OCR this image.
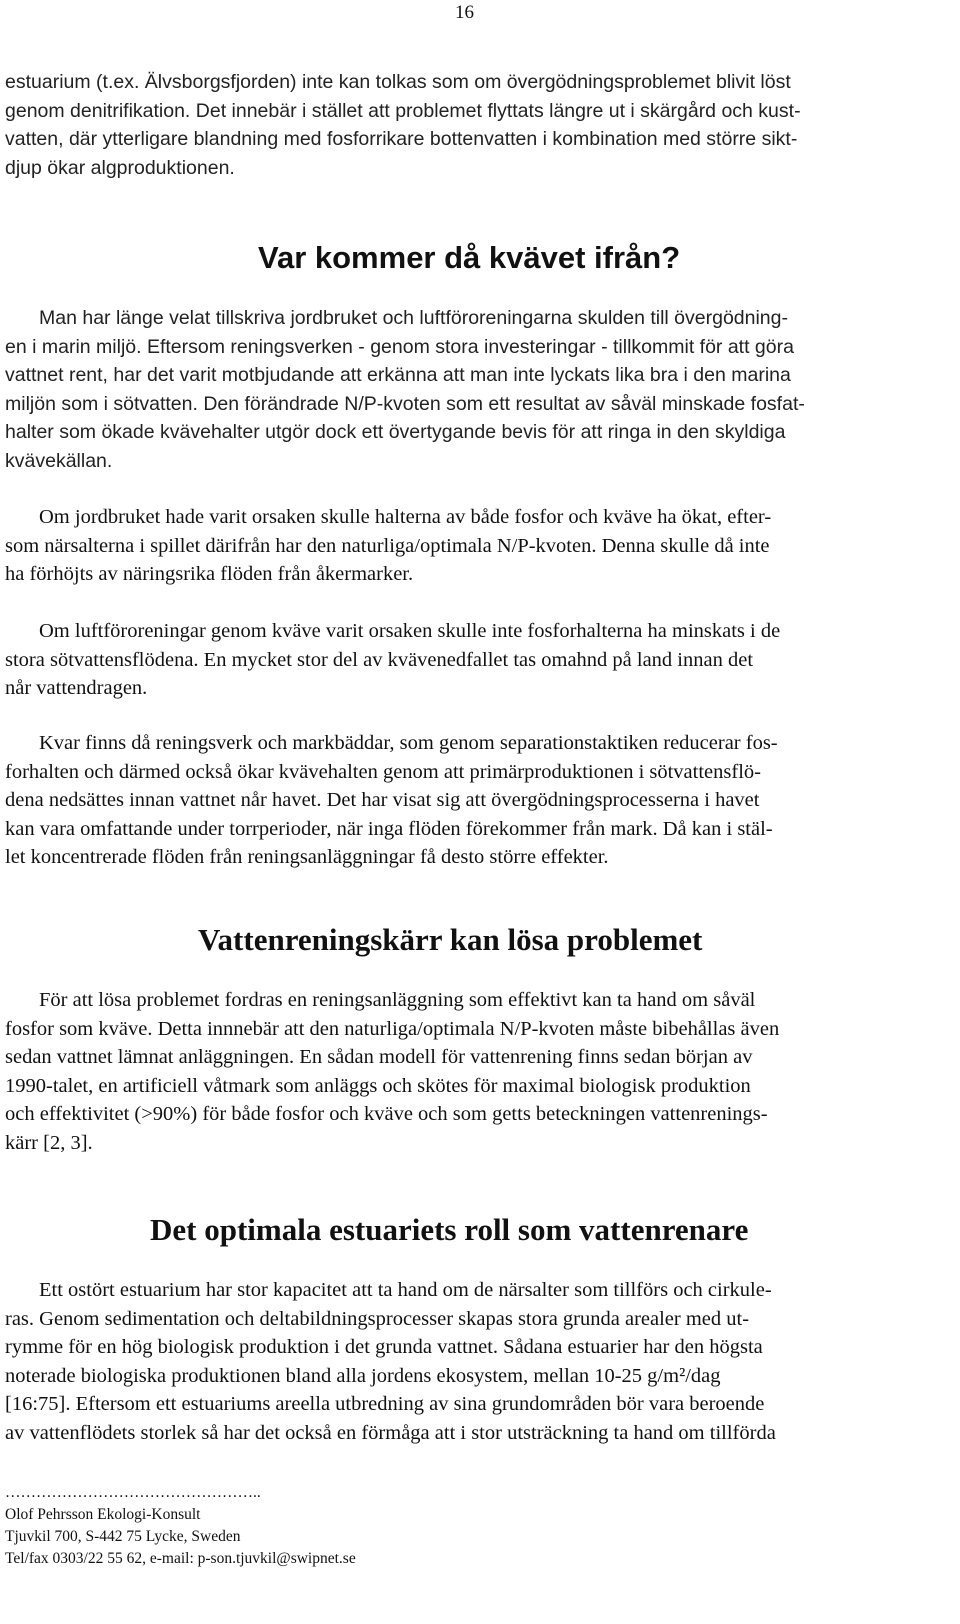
16

estuarium (t.ex. Älvsborgsfjorden) inte kan tolkas som om övergödningsproblemet blivit löst
genom denitrifikation. Det innebär i stället att problemet flyttats längre ut i skärgård och kust-
vatten, där ytterligare blandning med fosforrikare bottenvatten i kombination med större sikt-
djup ökar algproduktionen.

Var kommer då kvävet ifrån?

Man har länge velat tillskriva jordbruket och luftföroreningarna skulden till övergödning-
en i marin miljö. Eftersom reningsverken - genom stora investeringar - tillkommit för att göra
vattnet rent, har det varit motbjudande att erkänna att man inte lyckats lika bra i den marina
miljön som i sötvatten. Den förändrade N/P-kvoten som ett resultat av såväl minskade fosfat-
halter som ökade kvävehalter utgör dock ett övertygande bevis för att ringa in den skyldiga
kvävekällan.

Om jordbruket hade varit orsaken skulle halterna av både fosfor och kväve ha ökat, efter-
som närsalterna i spillet därifrån har den naturliga/optimala N/P-kvoten. Denna skulle då inte
ha förhöjts av näringsrika flöden från åkermarker.

Om luftföroreningar genom kväve varit orsaken skulle inte fosforhalterna ha minskats i de
stora sötvattensflödena. En mycket stor del av kvävenedfallet tas omahnd på land innan det
når vattendragen.

Kvar finns då reningsverk och markbäddar, som genom separationstaktiken reducerar fos-
forhalten och därmed också ökar kvävehalten genom att primärproduktionen i sötvattensflö-
dena nedsättes innan vattnet når havet. Det har visat sig att övergödningsprocesserna i havet
kan vara omfattande under torrperioder, när inga flöden förekommer från mark. Då kan i stäl-
let koncentrerade flöden från reningsanläggningar få desto större effekter.

Vattenreningskärr kan lösa problemet

För att lösa problemet fordras en reningsanläggning som effektivt kan ta hand om såväl
fosfor som kväve. Detta innnebär att den naturliga/optimala N/P-kvoten måste bibehållas även
sedan vattnet lämnat anläggningen. En sådan modell för vattenrening finns sedan början av
1990-talet, en artificiell våtmark som anläggs och skötes för maximal biologisk produktion
och effektivitet (>90%) för både fosfor och kväve och som getts beteckningen vattenrenings-
kärr [2, 3].

Det optimala estuariets roll som vattenrenare

Ett ostört estuarium har stor kapacitet att ta hand om de närsalter som tillförs och cirkule-
ras. Genom sedimentation och deltabildningsprocesser skapas stora grunda arealer med ut-
rymme för en hög biologisk produktion i det grunda vattnet. Sådana estuarier har den högsta
noterade biologiska produktionen bland alla jordens ekosystem, mellan 10-25 g/m²/dag
[16:75]. Eftersom ett estuariums areella utbredning av sina grundområden bör vara beroende
av vattenflödets storlek så har det också en förmåga att i stor utsträckning ta hand om tillförda

…………………………………………..
Olof Pehrsson Ekologi-Konsult
Tjuvkil 700, S-442 75 Lycke, Sweden
Tel/fax 0303/22 55 62, e-mail: p-son.tjuvkil@swipnet.se
